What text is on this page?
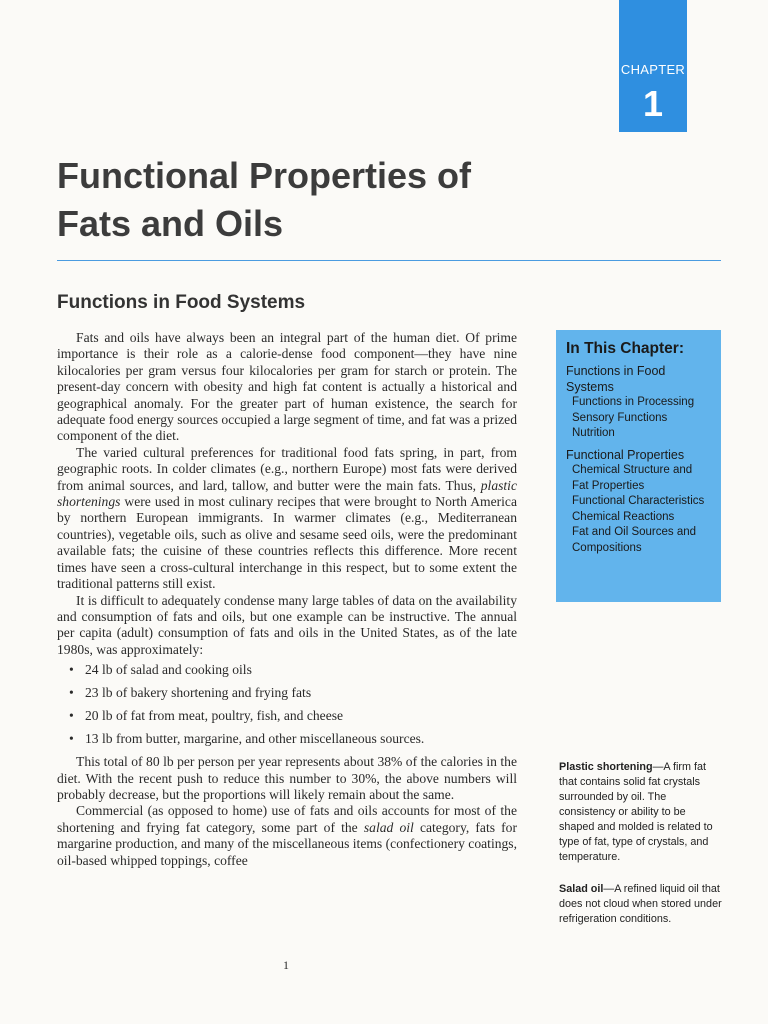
CHAPTER
1
Functional Properties of
Fats and Oils
Functions in Food Systems

Fats and oils have always been an integral part of the human diet. Of prime importance is their role as a calorie-dense food component—they have nine kilocalories per gram versus four kilocalories per gram for starch or protein. The present-day concern with obesity and high fat content is actually a historical and geographical anomaly. For the greater part of human existence, the search for adequate food energy sources occupied a large segment of time, and fat was a prized component of the diet.

The varied cultural preferences for traditional food fats spring, in part, from geographic roots. In colder climates (e.g., northern Europe) most fats were derived from animal sources, and lard, tallow, and butter were the main fats. Thus, plastic shortenings were used in most culinary recipes that were brought to North America by northern European immigrants. In warmer climates (e.g., Mediterranean countries), vegetable oils, such as olive and sesame seed oils, were the predominant available fats; the cuisine of these countries reflects this difference. More recent times have seen a cross-cultural interchange in this respect, but to some extent the traditional patterns still exist.

It is difficult to adequately condense many large tables of data on the availability and consumption of fats and oils, but one example can be instructive. The annual per capita (adult) consumption of fats and oils in the United States, as of the late 1980s, was approximately:

• 24 lb of salad and cooking oils
• 23 lb of bakery shortening and frying fats
• 20 lb of fat from meat, poultry, fish, and cheese
• 13 lb from butter, margarine, and other miscellaneous sources.

This total of 80 lb per person per year represents about 38% of the calories in the diet. With the recent push to reduce this number to 30%, the above numbers will probably decrease, but the proportions will likely remain about the same.

Commercial (as opposed to home) use of fats and oils accounts for most of the shortening and frying fat category, some part of the salad oil category, fats for margarine production, and many of the miscellaneous items (confectionery coatings, oil-based whipped toppings, coffee

In This Chapter:

Functions in Food Systems

Functions in Processing

Sensory Functions

Nutrition

Functional Properties

Chemical Structure and Fat Properties

Functional Characteristics

Chemical Reactions

Fat and Oil Sources and Compositions

Plastic shortening—A firm fat that contains solid fat crystals surrounded by oil. The consistency or ability to be shaped and molded is related to type of fat, type of crystals, and temperature.
Salad oil—A refined liquid oil that does not cloud when stored under refrigeration conditions.
1
